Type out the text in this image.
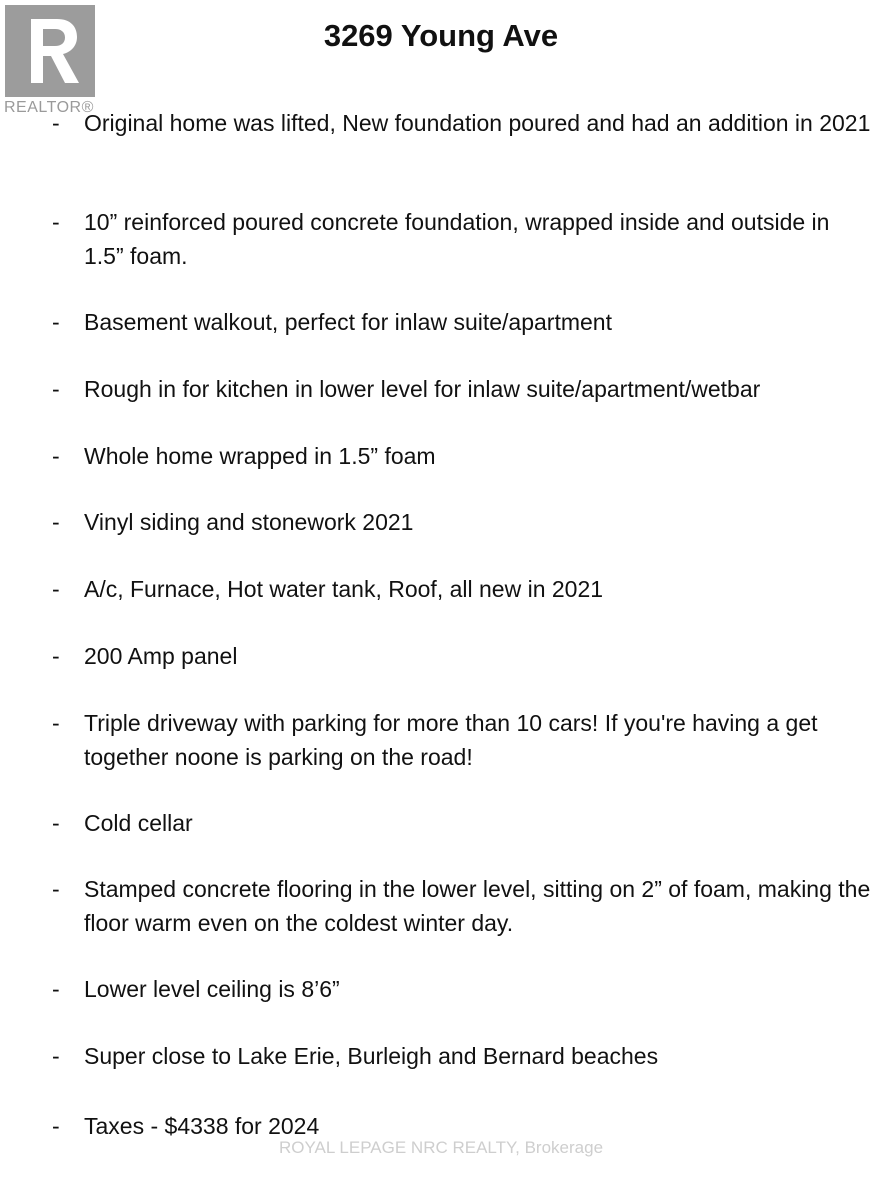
REALTOR®
3269 Young Ave
- Original home was lifted, New foundation poured and had an addition in 2021
- 10” reinforced poured concrete foundation, wrapped inside and outside in 1.5” foam.
- Basement walkout, perfect for inlaw suite/apartment
- Rough in for kitchen in lower level for inlaw suite/apartment/wetbar
- Whole home wrapped in 1.5” foam
- Vinyl siding and stonework 2021
- A/c, Furnace, Hot water tank, Roof, all new in 2021
- 200 Amp panel
- Triple driveway with parking for more than 10 cars! If you're having a get together noone is parking on the road!
- Cold cellar
- Stamped concrete flooring in the lower level, sitting on 2” of foam, making the floor warm even on the coldest winter day.
- Lower level ceiling is 8’6”
- Super close to Lake Erie, Burleigh and Bernard beaches
- Taxes - $4338 for 2024
ROYAL LEPAGE NRC REALTY, Brokerage
